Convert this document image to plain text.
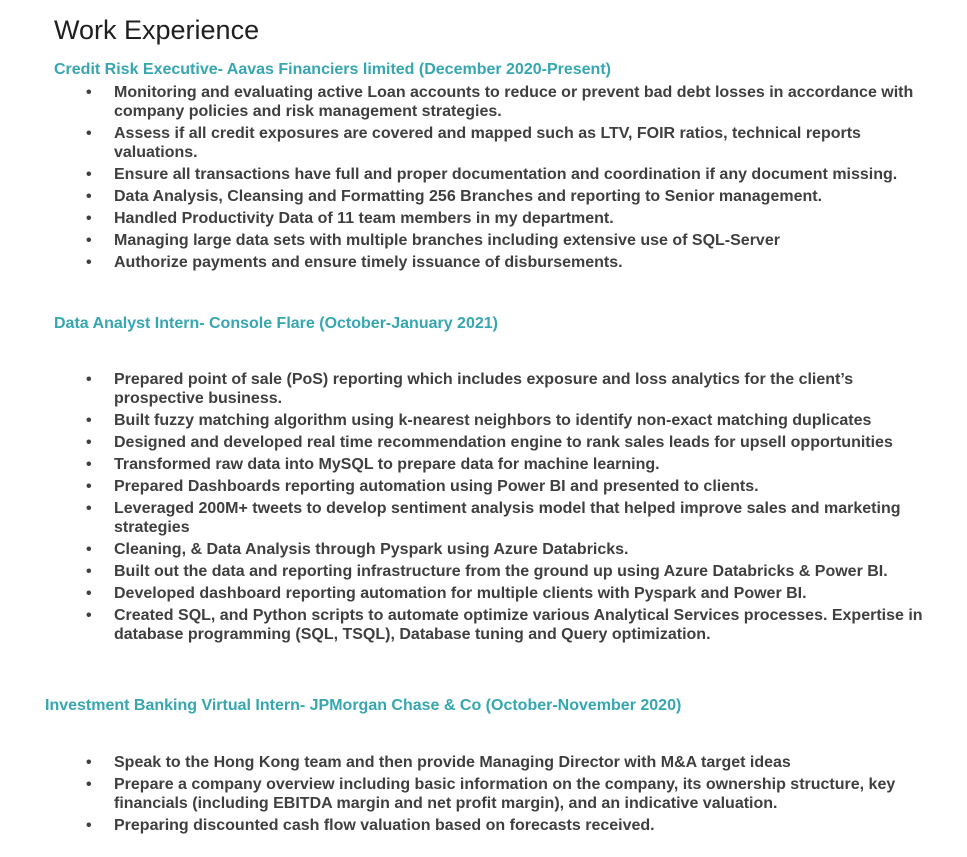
Work Experience
Credit Risk Executive- Aavas Financiers limited (December 2020-Present)
• Monitoring and evaluating active Loan accounts to reduce or prevent bad debt losses in accordance with company policies and risk management strategies.
• Assess if all credit exposures are covered and mapped such as LTV, FOIR ratios, technical reports valuations.
• Ensure all transactions have full and proper documentation and coordination if any document missing.
• Data Analysis, Cleansing and Formatting 256 Branches and reporting to Senior management.
• Handled Productivity Data of 11 team members in my department.
• Managing large data sets with multiple branches including extensive use of SQL-Server
• Authorize payments and ensure timely issuance of disbursements.
Data Analyst Intern- Console Flare (October-January 2021)
• Prepared point of sale (PoS) reporting which includes exposure and loss analytics for the client’s prospective business.
• Built fuzzy matching algorithm using k-nearest neighbors to identify non-exact matching duplicates
• Designed and developed real time recommendation engine to rank sales leads for upsell opportunities
• Transformed raw data into MySQL to prepare data for machine learning.
• Prepared Dashboards reporting automation using Power BI and presented to clients.
• Leveraged 200M+ tweets to develop sentiment analysis model that helped improve sales and marketing strategies
• Cleaning, & Data Analysis through Pyspark using Azure Databricks.
• Built out the data and reporting infrastructure from the ground up using Azure Databricks & Power BI.
• Developed dashboard reporting automation for multiple clients with Pyspark and Power BI.
• Created SQL, and Python scripts to automate optimize various Analytical Services processes. Expertise in database programming (SQL, TSQL), Database tuning and Query optimization.
Investment Banking Virtual Intern- JPMorgan Chase & Co (October-November 2020)
• Speak to the Hong Kong team and then provide Managing Director with M&A target ideas
• Prepare a company overview including basic information on the company, its ownership structure, key financials (including EBITDA margin and net profit margin), and an indicative valuation.
• Preparing discounted cash flow valuation based on forecasts received.
